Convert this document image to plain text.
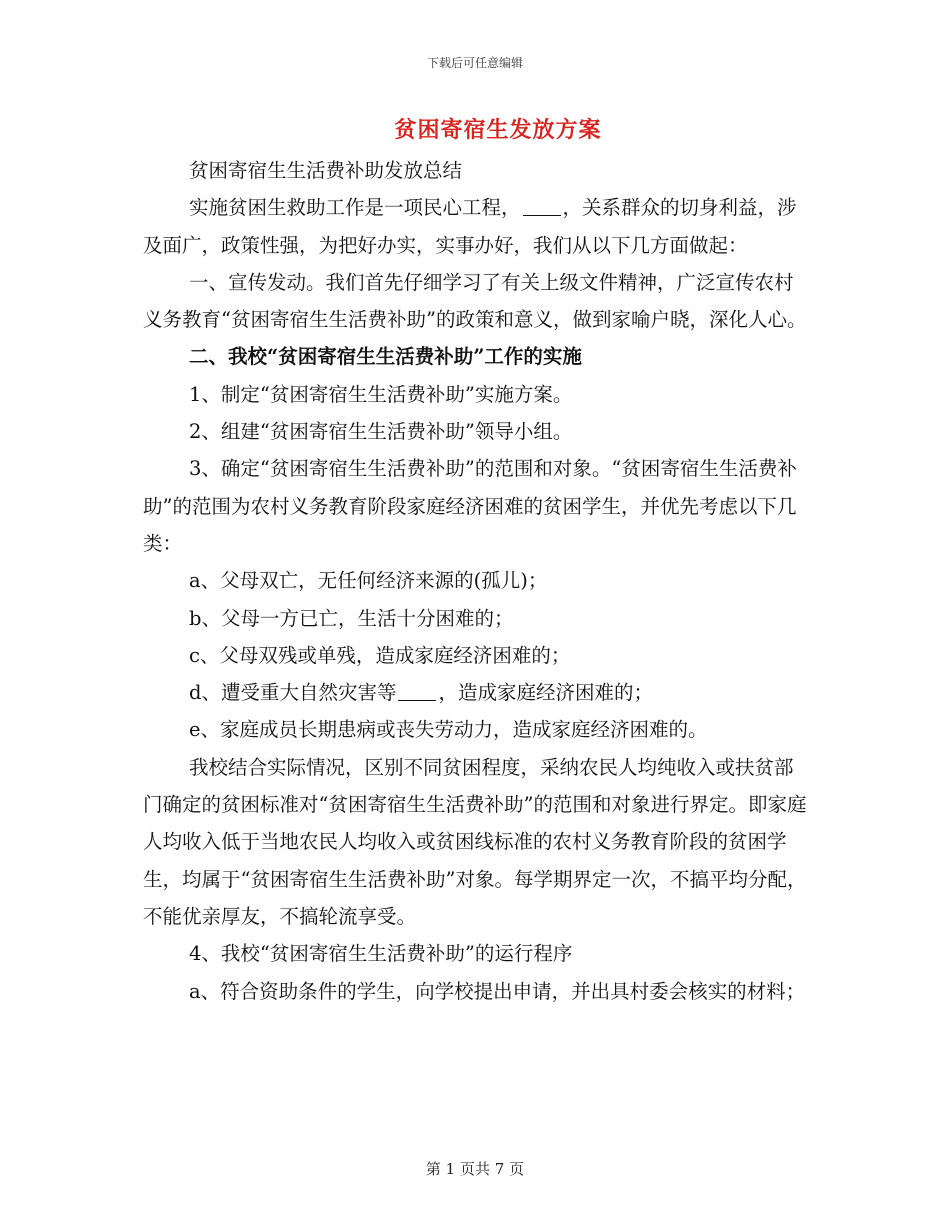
下载后可任意编辑
贫困寄宿生发放方案

贫困寄宿生生活费补助发放总结

实施贫困生救助工作是一项民心工程， ，关系群众的切身利益，涉及面广，政策性强，为把好办实，实事办好，我们从以下几方面做起：

一、宣传发动。我们首先仔细学习了有关上级文件精神，广泛宣传农村义务教育“贫困寄宿生生活费补助”的政策和意义，做到家喻户晓，深化人心。

二、我校“贫困寄宿生生活费补助”工作的实施

1、制定“贫困寄宿生生活费补助”实施方案。

2、组建“贫困寄宿生生活费补助”领导小组。

3、确定“贫困寄宿生生活费补助”的范围和对象。“贫困寄宿生生活费补助”的范围为农村义务教育阶段家庭经济困难的贫困学生，并优先考虑以下几类：

a、父母双亡，无任何经济来源的(孤儿)；

b、父母一方已亡，生活十分困难的；

c、父母双残或单残，造成家庭经济困难的；

d、遭受重大自然灾害等 ，造成家庭经济困难的；

e、家庭成员长期患病或丧失劳动力，造成家庭经济困难的。

我校结合实际情况，区别不同贫困程度，采纳农民人均纯收入或扶贫部门确定的贫困标准对“贫困寄宿生生活费补助”的范围和对象进行界定。即家庭人均收入低于当地农民人均收入或贫困线标准的农村义务教育阶段的贫困学生，均属于“贫困寄宿生生活费补助”对象。每学期界定一次，不搞平均分配，不能优亲厚友，不搞轮流享受。

4、我校“贫困寄宿生生活费补助”的运行程序

a、符合资助条件的学生，向学校提出申请，并出具村委会核实的材料；

第 1 页共 7 页
